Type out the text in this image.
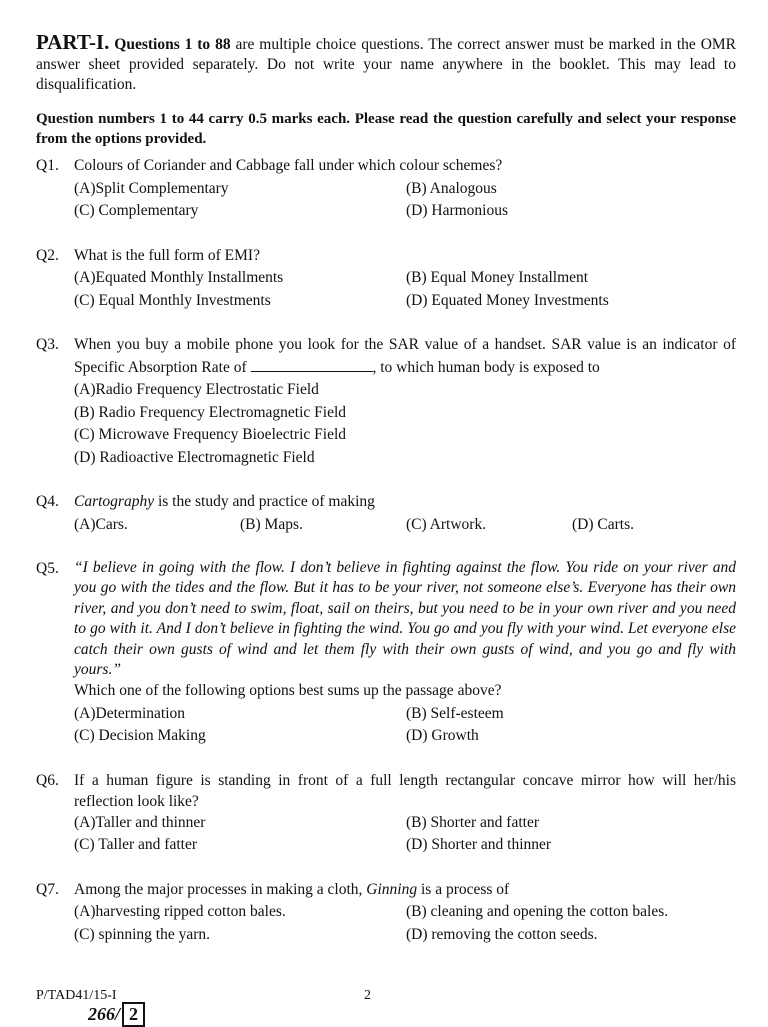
PART-I. Questions 1 to 88 are multiple choice questions. The correct answer must be marked in the OMR answer sheet provided separately. Do not write your name anywhere in the booklet. This may lead to disqualification.

Question numbers 1 to 44 carry 0.5 marks each. Please read the question carefully and select your response from the options provided.

Q1. Colours of Coriander and Cabbage fall under which colour schemes?
(A)Split Complementary	(B) Analogous
(C) Complementary	(D) Harmonious
Q2. What is the full form of EMI?
(A)Equated Monthly Installments	(B) Equal Money Installment
(C) Equal Monthly Investments	(D) Equated Money Investments
Q3. When you buy a mobile phone you look for the SAR value of a handset. SAR value is an indicator of Specific Absorption Rate of	, to which human body is exposed to
(A)Radio Frequency Electrostatic Field
(B) Radio Frequency Electromagnetic Field
(C) Microwave Frequency Bioelectric Field
(D) Radioactive Electromagnetic Field
Q4. Cartography is the study and practice of making
(A)Cars.	(B) Maps.	(C) Artwork.	(D) Carts.
Q5. “I believe in going with the flow. I don’t believe in fighting against the flow. You ride on your river and you go with the tides and the flow. But it has to be your river, not someone else’s. Everyone has their own river, and you don’t need to swim, float, sail on theirs, but you need to be in your own river and you need to go with it. And I don’t believe in fighting the wind. You go and you fly with your wind. Let everyone else catch their own gusts of wind and let them fly with their own gusts of wind, and you go and fly with yours.”
Which one of the following options best sums up the passage above?
(A)Determination	(B) Self-esteem
(C) Decision Making	(D) Growth
Q6. If a human figure is standing in front of a full length rectangular concave mirror how will her/his reflection look like?
(A)Taller and thinner	(B) Shorter and fatter
(C) Taller and fatter	(D) Shorter and thinner
Q7. Among the major processes in making a cloth, Ginning is a process of
(A)harvesting ripped cotton bales.	(B) cleaning and opening the cotton bales.
(C) spinning the yarn.	(D) removing the cotton seeds.
P/TAD41/15-I	2
266/ 2
